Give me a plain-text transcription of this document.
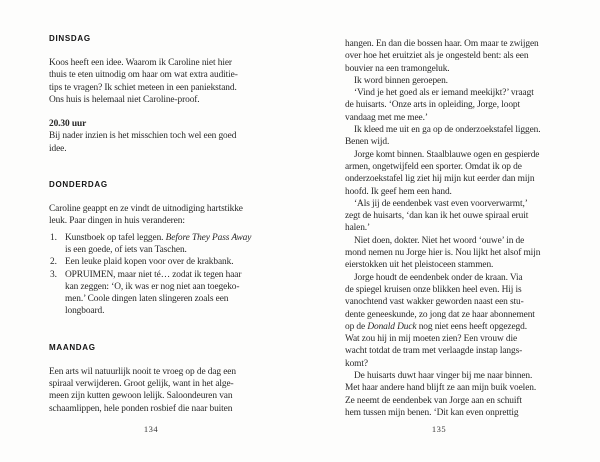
DINSDAG
Koos heeft een idee. Waarom ik Caroline niet hier
thuis te eten uitnodig om haar om wat extra auditie-
tips te vragen? Ik schiet meteen in een paniekstand.
Ons huis is helemaal niet Caroline-proof.
20.30 uur
Bij nader inzien is het misschien toch wel een goed
idee.
DONDERDAG
Caroline geappt en ze vindt de uitnodiging hartstikke
leuk. Paar dingen in huis veranderen:
1. Kunstboek op tafel leggen. Before They Pass Away
is een goede, of iets van Taschen.
2. Een leuke plaid kopen voor over de krakbank.
3. OPRUIMEN, maar niet té… zodat ik tegen haar
kan zeggen: ‘O, ik was er nog niet aan toegeko-
men.’ Coole dingen laten slingeren zoals een
longboard.
MAANDAG
Een arts wil natuurlijk nooit te vroeg op de dag een
spiraal verwijderen. Groot gelijk, want in het alge-
meen zijn kutten gewoon lelijk. Saloondeuren van
schaamlippen, hele ponden rosbief die naar buiten
hangen. En dan die bossen haar. Om maar te zwijgen
over hoe het eruitziet als je ongesteld bent: als een
bouvier na een tramongeluk.
Ik word binnen geroepen.
‘Vind je het goed als er iemand meekijkt?’ vraagt
de huisarts. ‘Onze arts in opleiding, Jorge, loopt
vandaag met me mee.’
Ik kleed me uit en ga op de onderzoekstafel liggen.
Benen wijd.
Jorge komt binnen. Staalblauwe ogen en gespierde
armen, ongetwijfeld een sporter. Omdat ik op de
onderzoekstafel lig ziet hij mijn kut eerder dan mijn
hoofd. Ik geef hem een hand.
‘Als jij de eendenbek vast even voorverwarmt,’
zegt de huisarts, ‘dan kan ik het ouwe spiraal eruit
halen.’
Niet doen, dokter. Niet het woord ‘ouwe’ in de
mond nemen nu Jorge hier is. Nou lijkt het alsof mijn
eierstokken uit het pleistoceen stammen.
Jorge houdt de eendenbek onder de kraan. Via
de spiegel kruisen onze blikken heel even. Hij is
vanochtend vast wakker geworden naast een stu-
dente geneeskunde, zo jong dat ze haar abonnement
op de Donald Duck nog niet eens heeft opgezegd.
Wat zou hij in mij moeten zien? Een vrouw die
wacht totdat de tram met verlaagde instap langs-
komt?
De huisarts duwt haar vinger bij me naar binnen.
Met haar andere hand blijft ze aan mijn buik voelen.
Ze neemt de eendenbek van Jorge aan en schuift
hem tussen mijn benen. ‘Dit kan even onprettig
134	135
